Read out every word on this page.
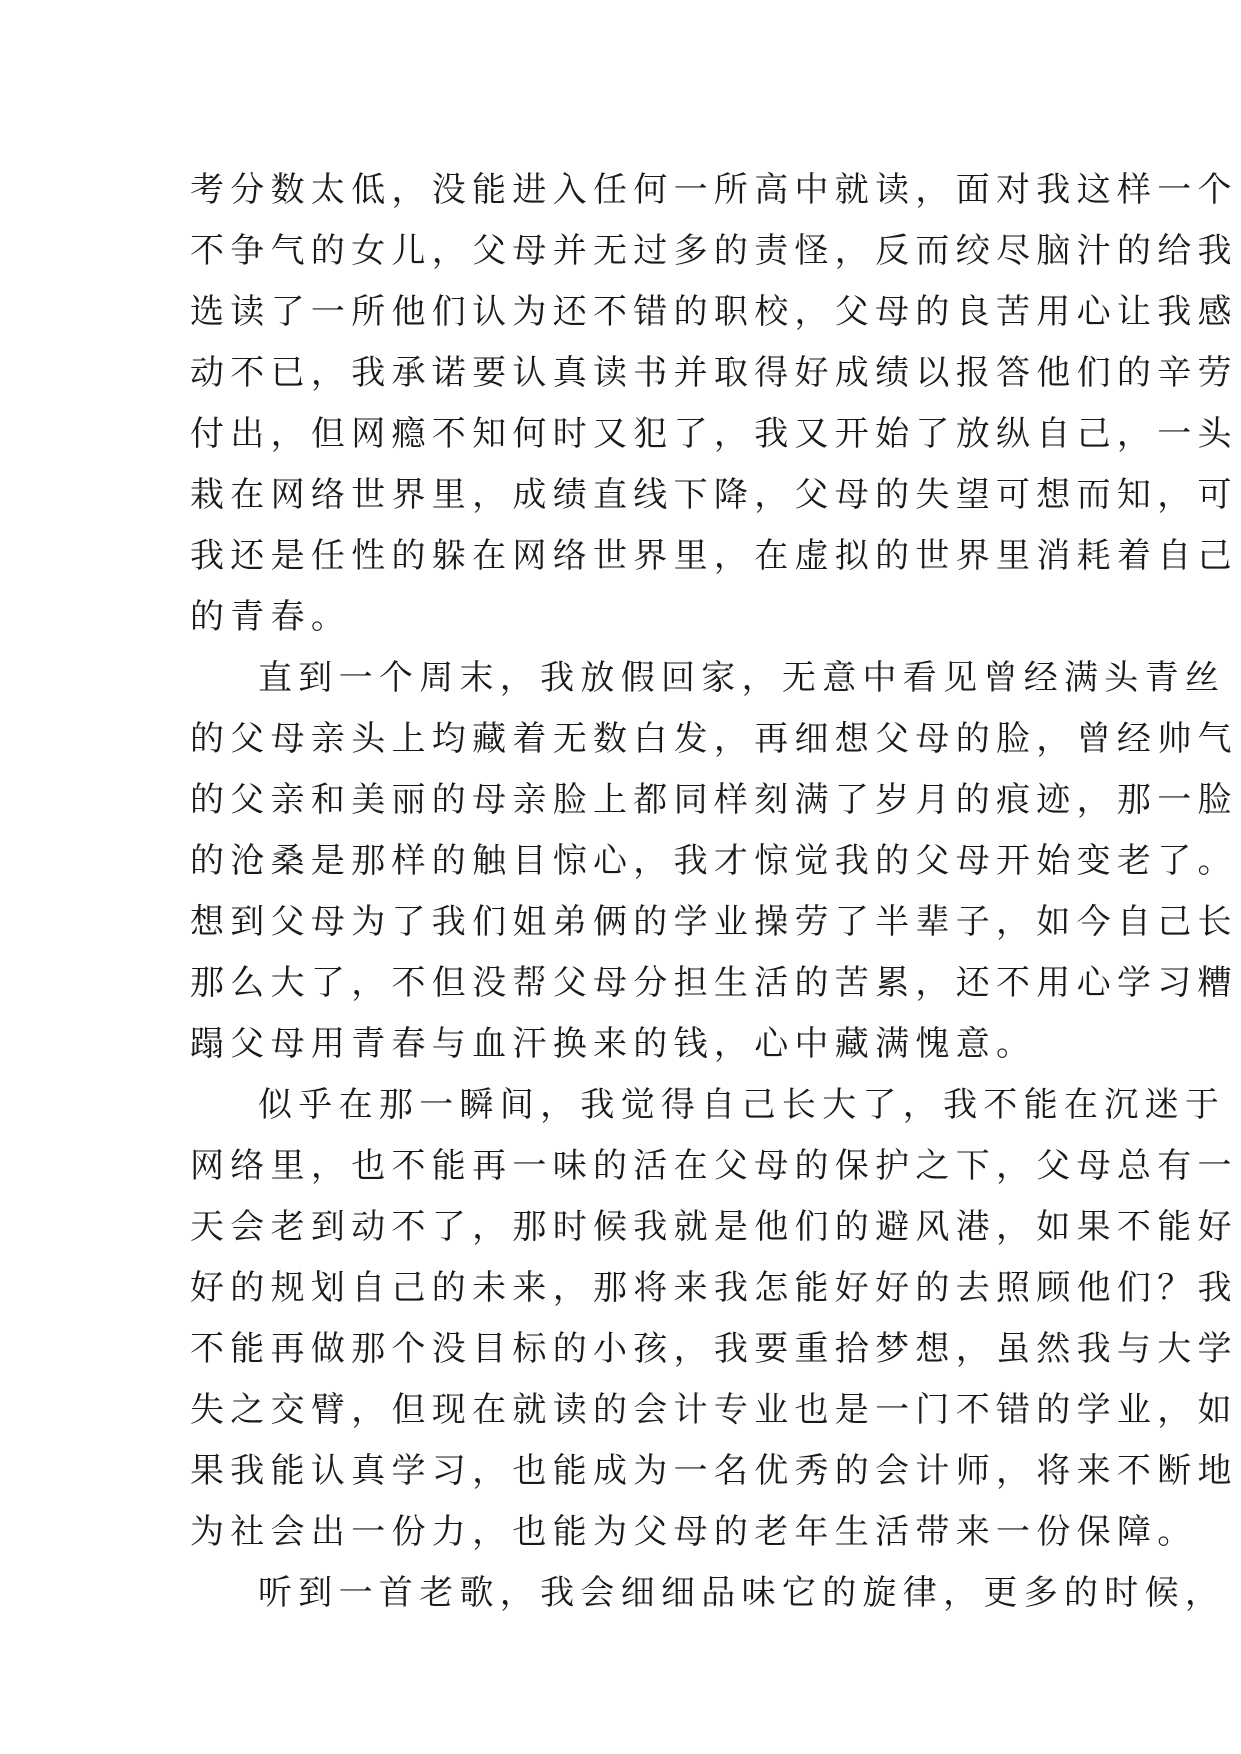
考分数太低，没能进入任何一所高中就读，面对我这样一个
不争气的女儿，父母并无过多的责怪，反而绞尽脑汁的给我
选读了一所他们认为还不错的职校，父母的良苦用心让我感
动不已，我承诺要认真读书并取得好成绩以报答他们的辛劳
付出，但网瘾不知何时又犯了，我又开始了放纵自己，一头
栽在网络世界里，成绩直线下降，父母的失望可想而知，可
我还是任性的躲在网络世界里，在虚拟的世界里消耗着自己
的青春。
直到一个周末，我放假回家，无意中看见曾经满头青丝
的父母亲头上均藏着无数白发，再细想父母的脸，曾经帅气
的父亲和美丽的母亲脸上都同样刻满了岁月的痕迹，那一脸
的沧桑是那样的触目惊心，我才惊觉我的父母开始变老了。
想到父母为了我们姐弟俩的学业操劳了半辈子，如今自己长
那么大了，不但没帮父母分担生活的苦累，还不用心学习糟
蹋父母用青春与血汗换来的钱，心中藏满愧意。
似乎在那一瞬间，我觉得自己长大了，我不能在沉迷于
网络里，也不能再一味的活在父母的保护之下，父母总有一
天会老到动不了，那时候我就是他们的避风港，如果不能好
好的规划自己的未来，那将来我怎能好好的去照顾他们？我
不能再做那个没目标的小孩，我要重拾梦想，虽然我与大学
失之交臂，但现在就读的会计专业也是一门不错的学业，如
果我能认真学习，也能成为一名优秀的会计师，将来不断地
为社会出一份力，也能为父母的老年生活带来一份保障。
听到一首老歌，我会细细品味它的旋律，更多的时候，
